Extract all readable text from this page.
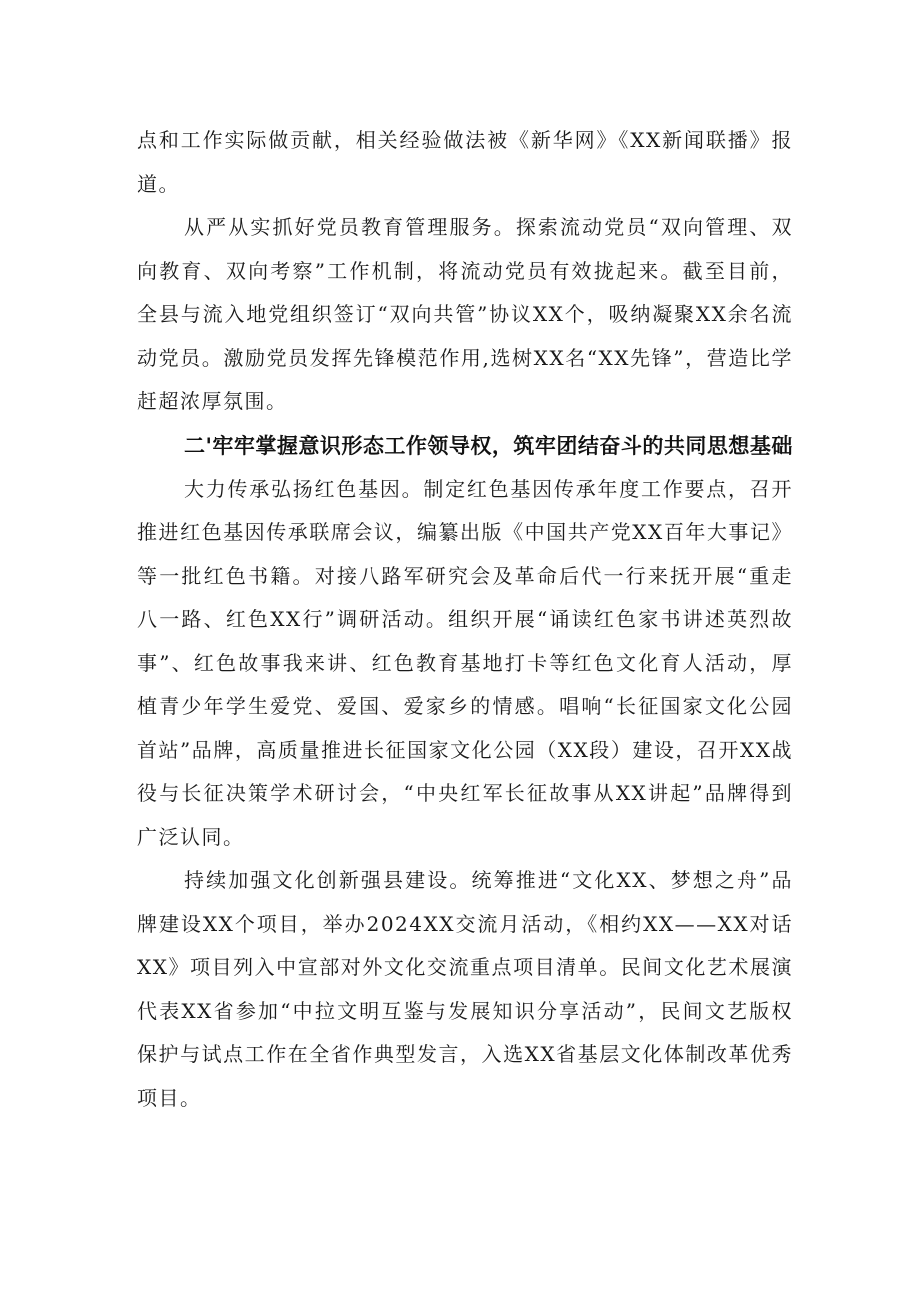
点和工作实际做贡献，相关经验做法被《新华网》《XX新闻联播》报道。

从严从实抓好党员教育管理服务。探索流动党员“双向管理、双向教育、双向考察”工作机制，将流动党员有效拢起来。截至目前，全县与流入地党组织签订“双向共管”协议XX个，吸纳凝聚XX余名流动党员。激励党员发挥先锋模范作用,选树XX名“XX先锋”，营造比学赶超浓厚氛围。

二'牢牢掌握意识形态工作领导权，筑牢团结奋斗的共同思想基础

大力传承弘扬红色基因。制定红色基因传承年度工作要点，召开推进红色基因传承联席会议，编纂出版《中国共产党XX百年大事记》等一批红色书籍。对接八路军研究会及革命后代一行来抚开展“重走八一路、红色XX行”调研活动。组织开展“诵读红色家书讲述英烈故事”、红色故事我来讲、红色教育基地打卡等红色文化育人活动，厚植青少年学生爱党、爱国、爱家乡的情感。唱响“长征国家文化公园首站”品牌，高质量推进长征国家文化公园（XX段）建设，召开XX战役与长征决策学术研讨会，“中央红军长征故事从XX讲起”品牌得到广泛认同。

持续加强文化创新强县建设。统筹推进“文化XX、梦想之舟”品牌建设XX个项目，举办2024XX交流月活动，《相约XX——XX对话XX》项目列入中宣部对外文化交流重点项目清单。民间文化艺术展演代表XX省参加“中拉文明互鉴与发展知识分享活动”，民间文艺版权保护与试点工作在全省作典型发言，入选XX省基层文化体制改革优秀项目。
